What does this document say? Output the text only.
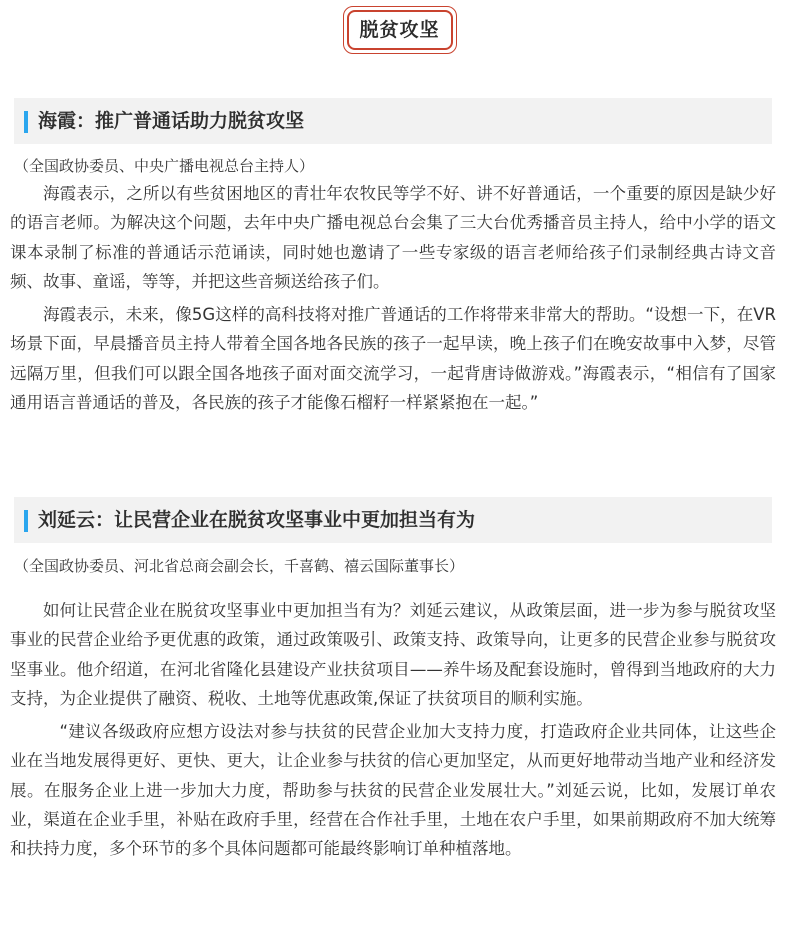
脱贫攻坚
海霞：推广普通话助力脱贫攻坚
（全国政协委员、中央广播电视总台主持人）

海霞表示，之所以有些贫困地区的青壮年农牧民等学不好、讲不好普通话，一个重要的原因是缺少好的语言老师。为解决这个问题，去年中央广播电视总台会集了三大台优秀播音员主持人，给中小学的语文课本录制了标准的普通话示范诵读，同时她也邀请了一些专家级的语言老师给孩子们录制经典古诗文音频、故事、童谣，等等，并把这些音频送给孩子们。

海霞表示，未来，像5G这样的高科技将对推广普通话的工作将带来非常大的帮助。“设想一下，在VR场景下面，早晨播音员主持人带着全国各地各民族的孩子一起早读，晚上孩子们在晚安故事中入梦，尽管远隔万里，但我们可以跟全国各地孩子面对面交流学习，一起背唐诗做游戏。”海霞表示，“相信有了国家通用语言普通话的普及，各民族的孩子才能像石榴籽一样紧紧抱在一起。”

刘延云：让民营企业在脱贫攻坚事业中更加担当有为
（全国政协委员、河北省总商会副会长，千喜鹤、禧云国际董事长）

如何让民营企业在脱贫攻坚事业中更加担当有为？刘延云建议，从政策层面，进一步为参与脱贫攻坚事业的民营企业给予更优惠的政策，通过政策吸引、政策支持、政策导向，让更多的民营企业参与脱贫攻坚事业。他介绍道，在河北省隆化县建设产业扶贫项目——养牛场及配套设施时，曾得到当地政府的大力支持，为企业提供了融资、税收、土地等优惠政策,保证了扶贫项目的顺利实施。

“建议各级政府应想方设法对参与扶贫的民营企业加大支持力度，打造政府企业共同体，让这些企业在当地发展得更好、更快、更大，让企业参与扶贫的信心更加坚定，从而更好地带动当地产业和经济发展。在服务企业上进一步加大力度，帮助参与扶贫的民营企业发展壮大。”刘延云说，比如，发展订单农业，渠道在企业手里，补贴在政府手里，经营在合作社手里，土地在农户手里，如果前期政府不加大统筹和扶持力度，多个环节的多个具体问题都可能最终影响订单种植落地。
